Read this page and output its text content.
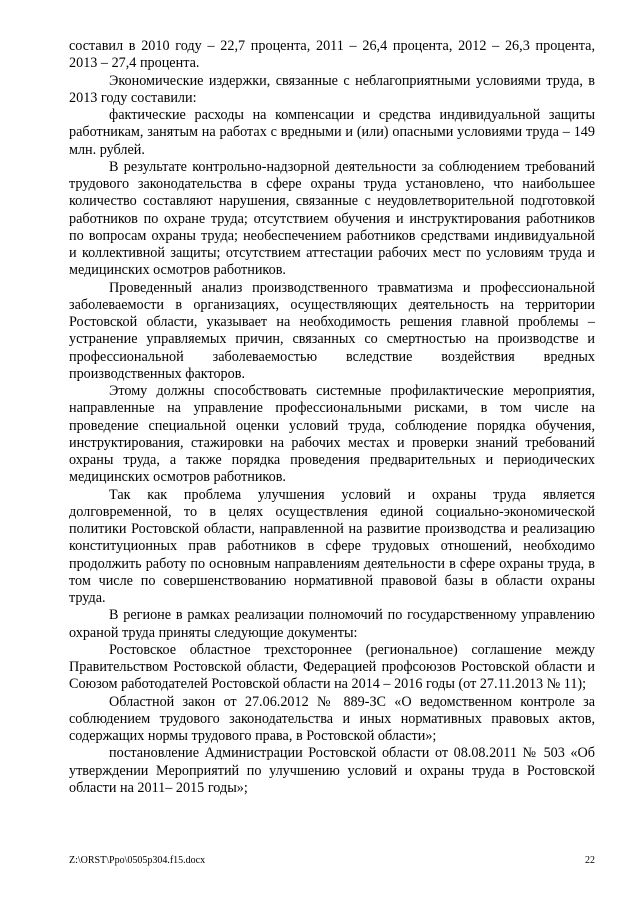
составил в 2010 году – 22,7 процента, 2011 – 26,4 процента, 2012 – 26,3 процента, 2013 – 27,4 процента.

Экономические издержки, связанные с неблагоприятными условиями труда, в 2013 году составили:

фактические расходы на компенсации и средства индивидуальной защиты работникам, занятым на работах с вредными и (или) опасными условиями труда – 149 млн. рублей.

В результате контрольно-надзорной деятельности за соблюдением требований трудового законодательства в сфере охраны труда установлено, что наибольшее количество составляют нарушения, связанные с неудовлетворительной подготовкой работников по охране труда; отсутствием обучения и инструктирования работников по вопросам охраны труда; необеспечением работников средствами индивидуальной и коллективной защиты; отсутствием аттестации рабочих мест по условиям труда и медицинских осмотров работников.

Проведенный анализ производственного травматизма и профессиональной заболеваемости в организациях, осуществляющих деятельность на территории Ростовской области, указывает на необходимость решения главной проблемы – устранение управляемых причин, связанных со смертностью на производстве и профессиональной заболеваемостью вследствие воздействия вредных производственных факторов.

Этому должны способствовать системные профилактические мероприятия, направленные на управление профессиональными рисками, в том числе на проведение специальной оценки условий труда, соблюдение порядка обучения, инструктирования, стажировки на рабочих местах и проверки знаний требований охраны труда, а также порядка проведения предварительных и периодических медицинских осмотров работников.

Так как проблема улучшения условий и охраны труда является долговременной, то в целях осуществления единой социально-экономической политики Ростовской области, направленной на развитие производства и реализацию конституционных прав работников в сфере трудовых отношений, необходимо продолжить работу по основным направлениям деятельности в сфере охраны труда, в том числе по совершенствованию нормативной правовой базы в области охраны труда.

В регионе в рамках реализации полномочий по государственному управлению охраной труда приняты следующие документы:

Ростовское областное трехстороннее (региональное) соглашение между Правительством Ростовской области, Федерацией профсоюзов Ростовской области и Союзом работодателей Ростовской области на 2014 – 2016 годы (от 27.11.2013 № 11);

Областной закон от 27.06.2012 № 889-ЗС «О ведомственном контроле за соблюдением трудового законодательства и иных нормативных правовых актов, содержащих нормы трудового права, в Ростовской области»;

постановление Администрации Ростовской области от 08.08.2011 № 503 «Об утверждении Мероприятий по улучшению условий и охраны труда в Ростовской области на 2011– 2015 годы»;

Z:\ORST\Ppo\0505p304.f15.docx	22
